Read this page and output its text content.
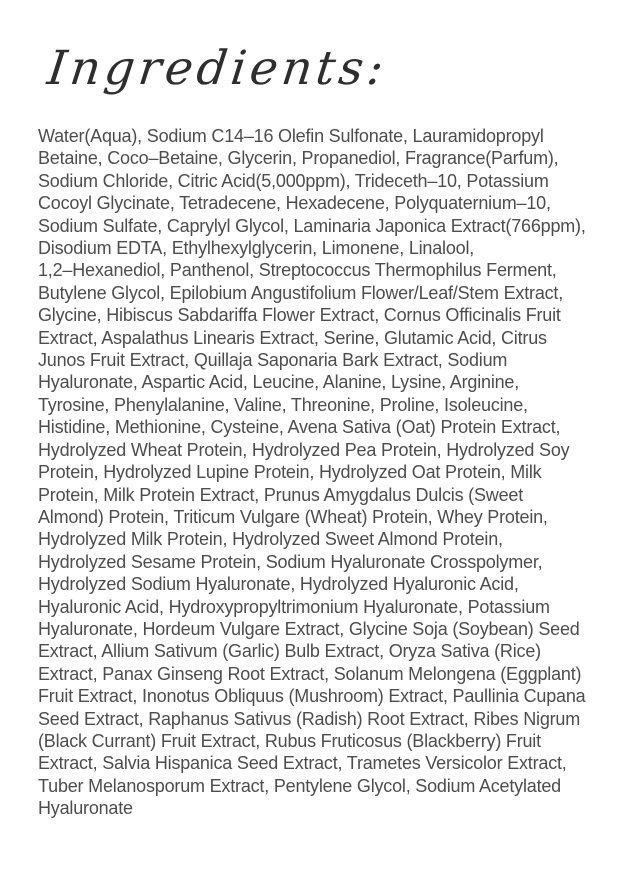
Ingredients:
Water(Aqua), Sodium C14–16 Olefin Sulfonate, Lauramidopropyl
Betaine, Coco–Betaine, Glycerin, Propanediol, Fragrance(Parfum),
Sodium Chloride, Citric Acid(5,000ppm), Trideceth–10, Potassium
Cocoyl Glycinate, Tetradecene, Hexadecene, Polyquaternium–10,
Sodium Sulfate, Caprylyl Glycol, Laminaria Japonica Extract(766ppm),
Disodium EDTA, Ethylhexylglycerin, Limonene, Linalool,
1,2–Hexanediol, Panthenol, Streptococcus Thermophilus Ferment,
Butylene Glycol, Epilobium Angustifolium Flower/Leaf/Stem Extract,
Glycine, Hibiscus Sabdariffa Flower Extract, Cornus Officinalis Fruit
Extract, Aspalathus Linearis Extract, Serine, Glutamic Acid, Citrus
Junos Fruit Extract, Quillaja Saponaria Bark Extract, Sodium
Hyaluronate, Aspartic Acid, Leucine, Alanine, Lysine, Arginine,
Tyrosine, Phenylalanine, Valine, Threonine, Proline, Isoleucine,
Histidine, Methionine, Cysteine, Avena Sativa (Oat) Protein Extract,
Hydrolyzed Wheat Protein, Hydrolyzed Pea Protein, Hydrolyzed Soy
Protein, Hydrolyzed Lupine Protein, Hydrolyzed Oat Protein, Milk
Protein, Milk Protein Extract, Prunus Amygdalus Dulcis (Sweet
Almond) Protein, Triticum Vulgare (Wheat) Protein, Whey Protein,
Hydrolyzed Milk Protein, Hydrolyzed Sweet Almond Protein,
Hydrolyzed Sesame Protein, Sodium Hyaluronate Crosspolymer,
Hydrolyzed Sodium Hyaluronate, Hydrolyzed Hyaluronic Acid,
Hyaluronic Acid, Hydroxypropyltrimonium Hyaluronate, Potassium
Hyaluronate, Hordeum Vulgare Extract, Glycine Soja (Soybean) Seed
Extract, Allium Sativum (Garlic) Bulb Extract, Oryza Sativa (Rice)
Extract, Panax Ginseng Root Extract, Solanum Melongena (Eggplant)
Fruit Extract, Inonotus Obliquus (Mushroom) Extract, Paullinia Cupana
Seed Extract, Raphanus Sativus (Radish) Root Extract, Ribes Nigrum
(Black Currant) Fruit Extract, Rubus Fruticosus (Blackberry) Fruit
Extract, Salvia Hispanica Seed Extract, Trametes Versicolor Extract,
Tuber Melanosporum Extract, Pentylene Glycol, Sodium Acetylated
Hyaluronate
